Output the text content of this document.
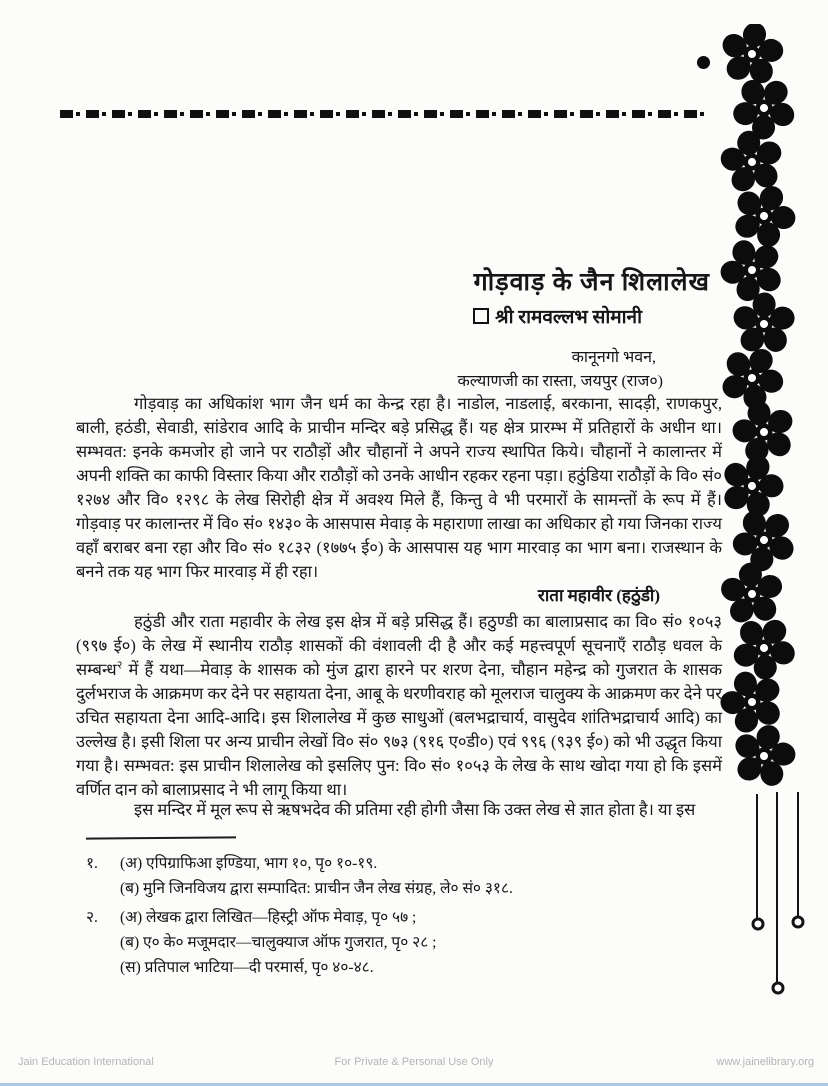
गोड़वाड़ के जैन शिलालेख
श्री रामवल्लभ सोमानी
कानूनगो भवन,
कल्याणजी का रास्ता, जयपुर (राज०)

गोड़वाड़ का अधिकांश भाग जैन धर्म का केन्द्र रहा है। नाडोल, नाडलाई, बरकाना, सादड़ी, राणकपुर, बाली, हठंडी, सेवाडी, सांडेराव आदि के प्राचीन मन्दिर बड़े प्रसिद्ध हैं। यह क्षेत्र प्रारम्भ में प्रतिहारों के अधीन था। सम्भवत: इनके कमजोर हो जाने पर राठौड़ों और चौहानों ने अपने राज्य स्थापित किये। चौहानों ने कालान्तर में अपनी शक्ति का काफी विस्तार किया और राठौड़ों को उनके आधीन रहकर रहना पड़ा। हठुंडिया राठौड़ों के वि० सं० १२७४ और वि० १२९८ के लेख सिरोही क्षेत्र में अवश्य मिले हैं, किन्तु वे भी परमारों के सामन्तों के रूप में हैं। गोड़वाड़ पर कालान्तर में वि० सं० १४३० के आसपास मेवाड़ के महाराणा लाखा का अधिकार हो गया जिनका राज्य वहाँ बराबर बना रहा और वि० सं० १८३२ (१७७५ ई०) के आसपास यह भाग मारवाड़ का भाग बना। राजस्थान के बनने तक यह भाग फिर मारवाड़ में ही रहा।

राता महावीर (हठुंडी)

हठुंडी और राता महावीर के लेख इस क्षेत्र में बड़े प्रसिद्ध हैं। हठुण्डी का बालाप्रसाद का वि० सं० १०५३ (९९७ ई०) के लेख में स्थानीय राठौड़ शासकों की वंशावली दी है और कई महत्त्वपूर्ण सूचनाएँ राठौड़ धवल के सम्बन्ध$^२$ में हैं यथा—मेवाड़ के शासक को मुंज द्वारा हारने पर शरण देना, चौहान महेन्द्र को गुजरात के शासक दुर्लभराज के आक्रमण कर देने पर सहायता देना, आबू के धरणीवराह को मूलराज चालुक्य के आक्रमण कर देने पर उचित सहायता देना आदि-आदि। इस शिलालेख में कुछ साधुओं (बलभद्राचार्य, वासुदेव शांतिभद्राचार्य आदि) का उल्लेख है। इसी शिला पर अन्य प्राचीन लेखों वि० सं० ९७३ (९१६ ए०डी०) एवं ९९६ (९३९ ई०) को भी उद्धृत किया गया है। सम्भवत: इस प्राचीन शिलालेख को इसलिए पुन: वि० सं० १०५३ के लेख के साथ खोदा गया हो कि इसमें वर्णित दान को बालाप्रसाद ने भी लागू किया था।

इस मन्दिर में मूल रूप से ऋषभदेव की प्रतिमा रही होगी जैसा कि उक्त लेख से ज्ञात होता है। या इस

१.	(अ) एपिग्राफिआ इण्डिया, भाग १०, पृ० १०-१९.

(ब) मुनि जिनविजय द्वारा सम्पादित: प्राचीन जैन लेख संग्रह, ले० सं० ३१८.

२.	(अ) लेखक द्वारा लिखित—हिस्ट्री ऑफ मेवाड़, पृ० ५७ ;

(ब) ए० के० मजूमदार—चालुक्याज ऑफ गुजरात, पृ० २८ ;

(स) प्रतिपाल भाटिया—दी परमार्स, पृ० ४०-४८.

Jain Education International	For Private & Personal Use Only	www.jainelibrary.org
